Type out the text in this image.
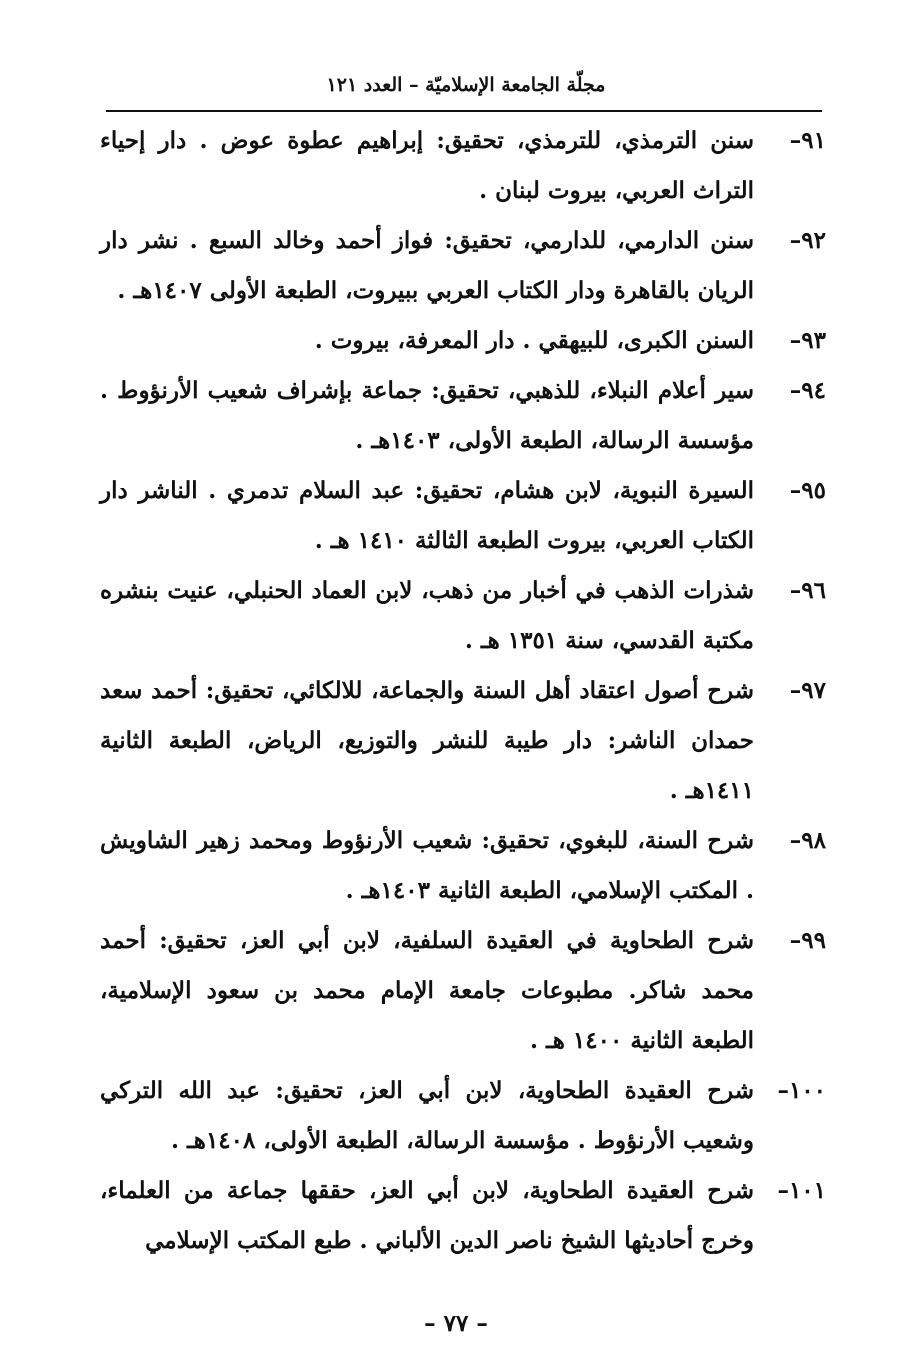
مجلّة الجامعة الإسلاميّة – العدد ١٢١
٩١–
سنن الترمذي، للترمذي، تحقيق: إبراهيم عطوة عوض . دار إحياء التراث العربي، بيروت لبنان .
٩٢–
سنن الدارمي، للدارمي، تحقيق: فواز أحمد وخالد السبع . نشر دار الريان بالقاهرة ودار الكتاب العربي ببيروت، الطبعة الأولى ١٤٠٧هـ .
٩٣–
السنن الكبرى، للبيهقي . دار المعرفة، بيروت .
٩٤–
سير أعلام النبلاء، للذهبي، تحقيق: جماعة بإشراف شعيب الأرنؤوط . مؤسسة الرسالة، الطبعة الأولى، ١٤٠٣هـ .
٩٥–
السيرة النبوية، لابن هشام، تحقيق: عبد السلام تدمري . الناشر دار الكتاب العربي، بيروت الطبعة الثالثة ١٤١٠ هـ .
٩٦–
شذرات الذهب في أخبار من ذهب، لابن العماد الحنبلي، عنيت بنشره مكتبة القدسي، سنة ١٣٥١ هـ .
٩٧–
شرح أصول اعتقاد أهل السنة والجماعة، للالكائي، تحقيق: أحمد سعد حمدان الناشر: دار طيبة للنشر والتوزيع، الرياض، الطبعة الثانية ١٤١١هـ .
٩٨–
شرح السنة، للبغوي، تحقيق: شعيب الأرنؤوط ومحمد زهير الشاويش . المكتب الإسلامي، الطبعة الثانية ١٤٠٣هـ .
٩٩–
شرح الطحاوية في العقيدة السلفية، لابن أبي العز، تحقيق: أحمد محمد شاكر. مطبوعات جامعة الإمام محمد بن سعود الإسلامية، الطبعة الثانية ١٤٠٠ هـ .
١٠٠–
شرح العقيدة الطحاوية، لابن أبي العز، تحقيق: عبد الله التركي وشعيب الأرنؤوط . مؤسسة الرسالة، الطبعة الأولى، ١٤٠٨هـ .
١٠١–
شرح العقيدة الطحاوية، لابن أبي العز، حققها جماعة من العلماء، وخرج أحاديثها الشيخ ناصر الدين الألباني . طبع المكتب الإسلامي
– ٧٧ –
